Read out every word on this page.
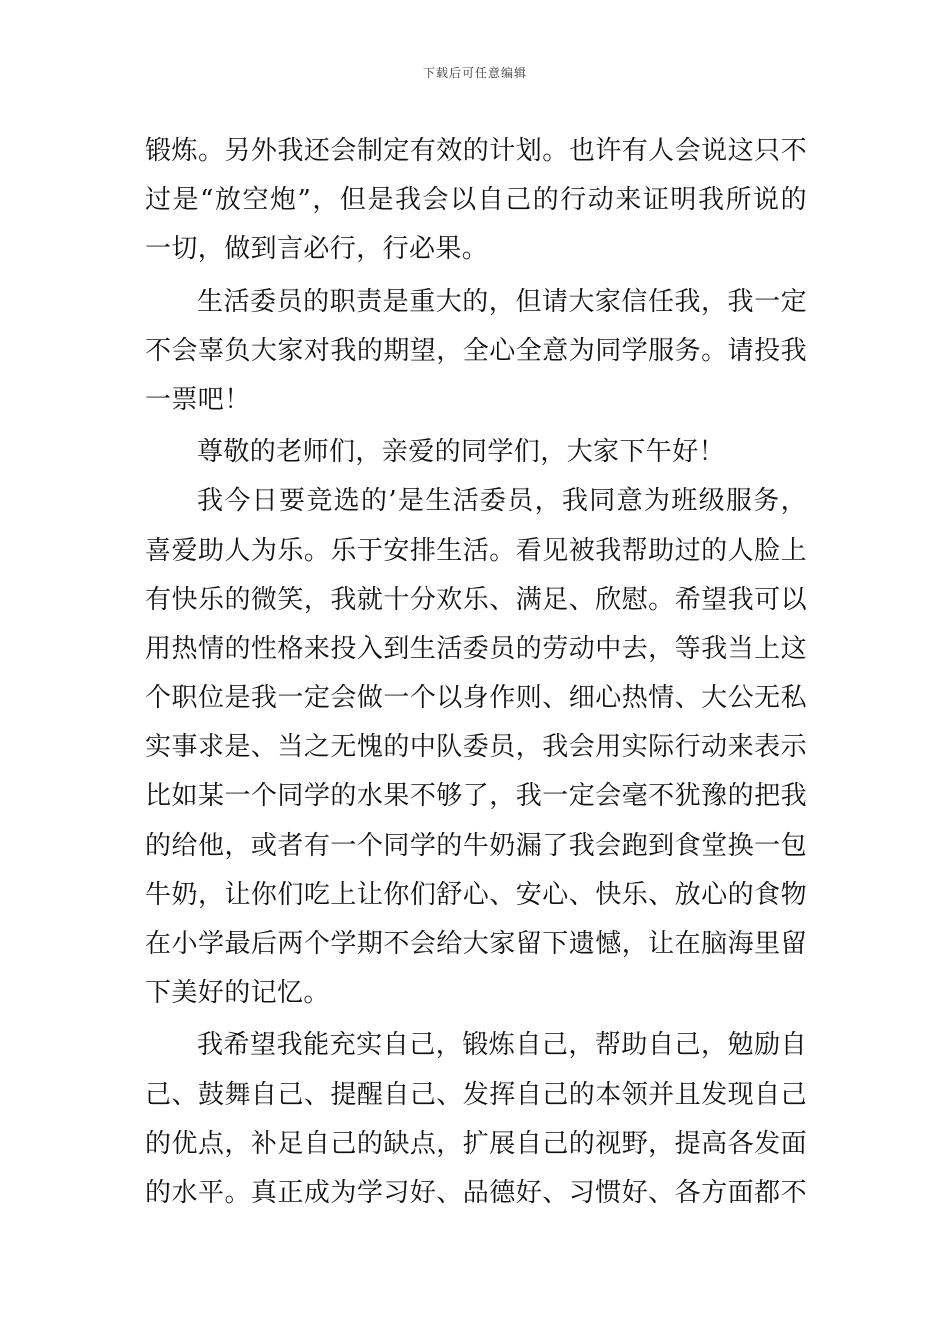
下载后可任意编辑
锻炼。另外我还会制定有效的计划。也许有人会说这只不
过是“放空炮”，但是我会以自己的行动来证明我所说的
一切，做到言必行，行必果。
生活委员的职责是重大的，但请大家信任我，我一定
不会辜负大家对我的期望，全心全意为同学服务。请投我
一票吧！
尊敬的老师们，亲爱的同学们，大家下午好！
我今日要竞选的’是生活委员，我同意为班级服务，
喜爱助人为乐。乐于安排生活。看见被我帮助过的人脸上
有快乐的微笑，我就十分欢乐、满足、欣慰。希望我可以
用热情的性格来投入到生活委员的劳动中去，等我当上这
个职位是我一定会做一个以身作则、细心热情、大公无私
实事求是、当之无愧的中队委员，我会用实际行动来表示
比如某一个同学的水果不够了，我一定会毫不犹豫的把我
的给他，或者有一个同学的牛奶漏了我会跑到食堂换一包
牛奶，让你们吃上让你们舒心、安心、快乐、放心的食物
在小学最后两个学期不会给大家留下遗憾，让在脑海里留
下美好的记忆。
我希望我能充实自己，锻炼自己，帮助自己，勉励自
己、鼓舞自己、提醒自己、发挥自己的本领并且发现自己
的优点，补足自己的缺点，扩展自己的视野，提高各发面
的水平。真正成为学习好、品德好、习惯好、各方面都不
